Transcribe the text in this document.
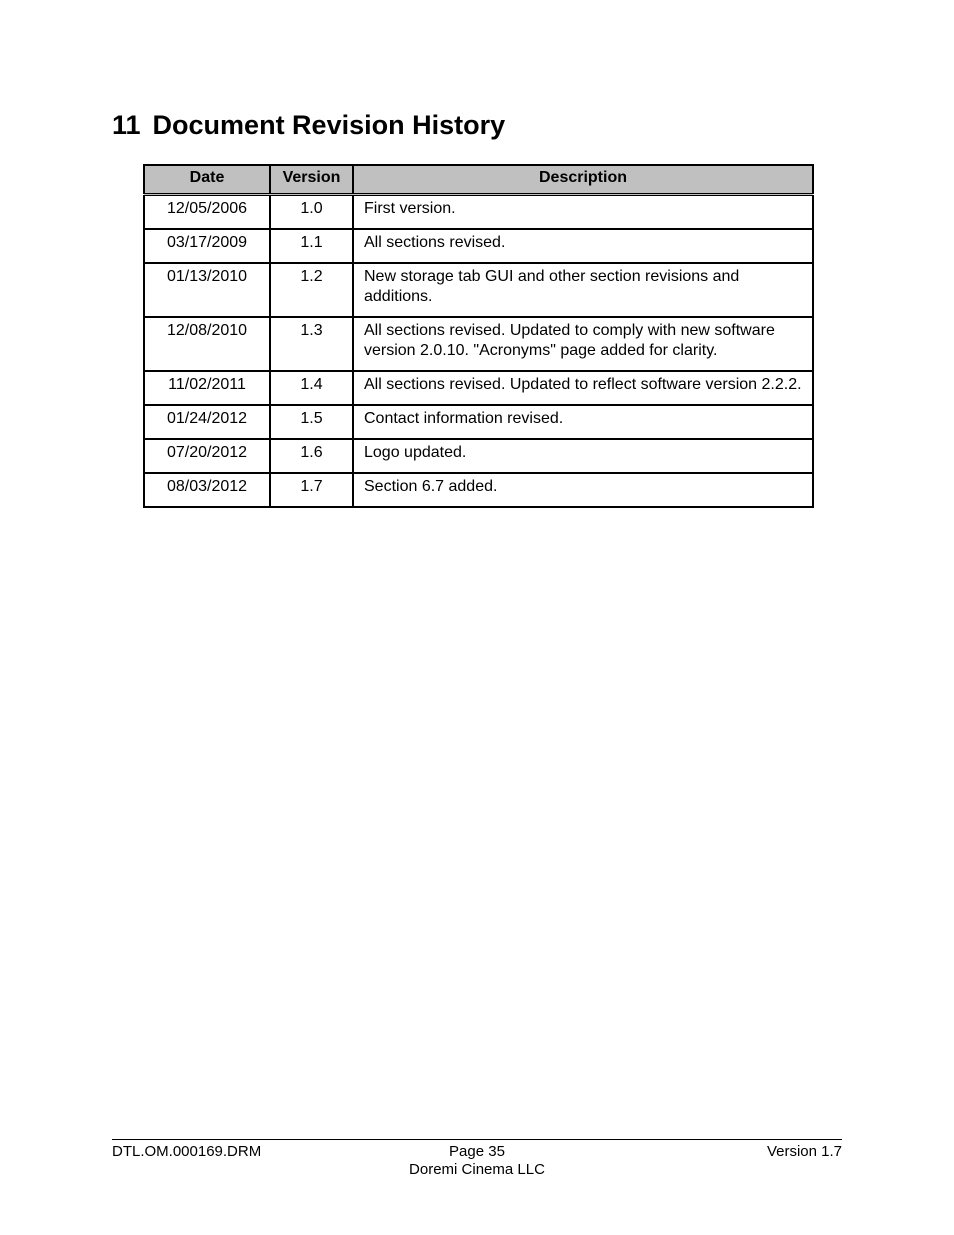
11 Document Revision History
Date	Version	Description
12/05/2006	1.0	First version.
03/17/2009	1.1	All sections revised.
01/13/2010	1.2	New storage tab GUI and other section revisions and additions.
12/08/2010	1.3	All sections revised. Updated to comply with new software version 2.0.10. "Acronyms" page added for clarity.
11/02/2011	1.4	All sections revised. Updated to reflect software version 2.2.2.
01/24/2012	1.5	Contact information revised.
07/20/2012	1.6	Logo updated.
08/03/2012	1.7	Section 6.7 added.
DTL.OM.000169.DRM	Page 35
Doremi Cinema LLC
Version 1.7
